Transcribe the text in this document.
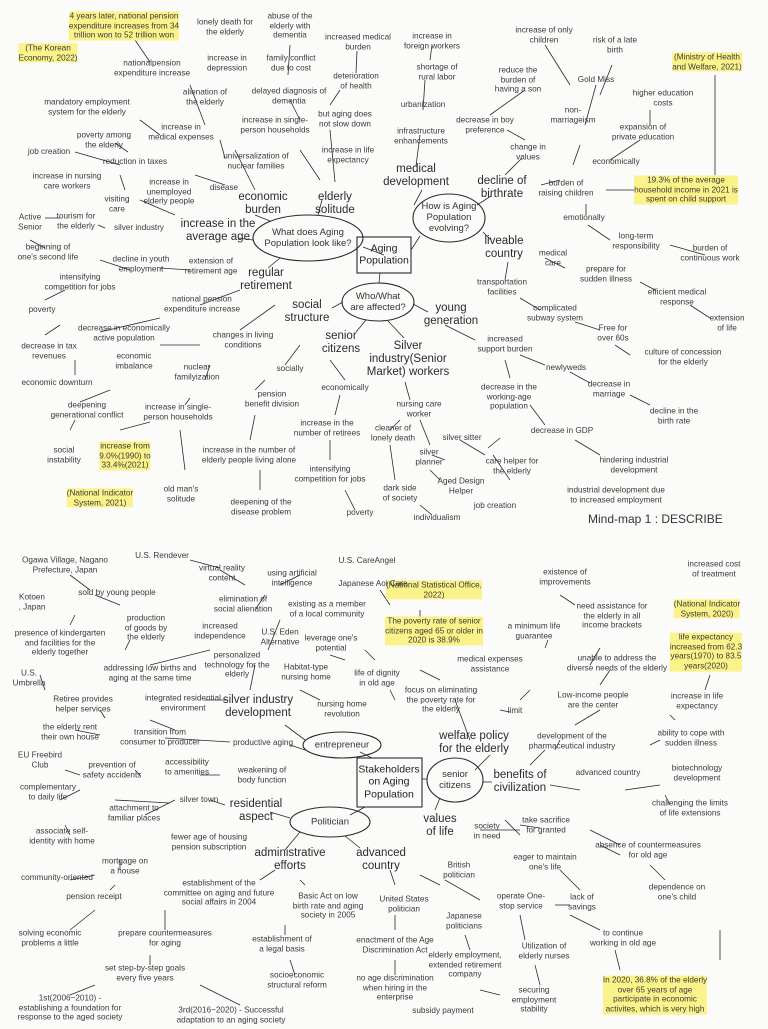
Aging
Population
What does Aging
Population look like?
How is Aging
Population
evolving?
Who/What
are affected?
4 years later, national pension
expenditure increases from 34
trillion won to 52 trillion won
(The Korean
Economy, 2022)	(Ministry of Health
and Welfare, 2021)
19.3% of the average
household income in 2021 is
spent on child support
increase from
9.0%(1990) to
33.4%(2021)
(National Indicator
System, 2021)
economic
burden
elderly
solitude
increase in the
average age
regular
retirement
medical
development decline of
birthrate
liveable
country
social
structure
senior
citizens	Silver
industry(Senior
Market) workers
young
generation
lonely death for
the elderly
abuse of the
elderly with
dementia	increased medical
burden
increase in
foreign workers
increase of only
children	risk of a late
birth
nationalpension
expenditure increase
increase in
depression
family conflict
due to cost
deterioration
of health
shortage of
rural labor
reduce the
burden of
having a son
Gold Miss
higher education
costs
mandatory employment
system for the elderly
alienation of
the elderly
delayed diagnosis of
dementia
but aging does
not slow down
urbanization
decrease in boy
preference
non-
marriageism
expansion of
private education
poverty among
the elderly
increase in
medical expenses
increase in single-
person households	infrastructure
enhancements
change in
values
economically
job creation
reduction in taxes
universalization of
nuclear families
increase in life
expectancy
increase in nursing
care workers	increase in
unemployed
elderly people
disease
burden of
raising children
visiting
care
Active
Senior
tourism for
the elderly silver industry
emotionally
beginning of
one's second life	decline in youth
employment
extension of
retirement age
medical
care
long-term
responsibility	burden of
continuous work
intensifying
competition for jobs
transportation
facilities
prepare for
sudden illness
efficient medical
response
poverty
national pension
expenditure increase	complicated
subway system	extension
of life
decrease in economically
active population	changes in living
conditions
Free for
over 60s
culture of concession
for the elderly
decrease in tax
revenues	economic
imbalance	socially
increased
support burden
nuclear
familyization
newlyweds
economic downturn
pension
benefit division
economically	decrease in the
working-age
population
decrease in
marriage
deepening
generational conflict
increase in single-
person households
nursing care
worker	decline in the
birth rate
increase in the
number of retirees
cleaner of
lonely death	silver sitter
decrease in GDP
social
instability
increase in the number of
elderly people living alone
silver
planner	care helper for
the elderly
hindering industrial
development
intensifying
competition for jobs
old man's
solitude
dark side
of society
Aged Design
Helper	industrial development due
to increased employment
deepening of the
disease problem	poverty
individualism
job creation
Mind-map 1 : DESCRIBE
Stakeholders
on Aging
Population
entrepreneur
senior
citizens
Politician
(National Statistical Office,
2022)
The poverty rate of senior
citizens aged 65 or older in
2020 is 38.9%
(National Indicator
System, 2020)
life expectancy
increased from 62.3
years(1970) to 83.5
years(2020)
In 2020, 36.8% of the elderly
over 65 years of age
participate in economic
activites, which is very high
silver industry
development
welfare policy
for the elderly
benefits of
civilization
residential
aspect	values
of life
administrative
efforts
advanced
country
Ogawa Village, Nagano
Prefecture, Japan
U.S. Rendever
virtual reality
content
using artificial
intelligence
U.S. CareAngel
existence of
improvements
increased cost
of treatment
sold by young people
elimination of
social alienation
Japanese Aoi Care
Kotoen
, Japan
production
of goods by
the elderly
existing as a member
of a local community
increased
independence U.S. Eden
Alternative leverage one's
potential
a minimum life
guarantee
need assistance for
the elderly in all
income brackets
presence of kindergarten
and facilities for the
elderly together	personalized
technology for the
elderly
Habitat-type
nursing home	life of dignity
in old age
medical expenses
assistance
unable to address the
diverse needs of the elderly
addressing low births and
aging at the same time
U.S.
Umbrella
Retiree provides
helper services
integrated residential
environment	nursing home
revolution
focus on eliminating
the poverty rate for
the elderly	limit
Low-income people
are the center
increase in life
expectancy
the elderly rent
their own house
transition from
consumer to producer	productive aging
development of the
pharmaceutical industry
ability to cope with
sudden illness
EU Freebird
Club	prevention of
safety accidents
accessibility
to amenities	weakening of
body function
advanced country
biotechnology
development
complementary
to daily life
attachment to
familiar places
silver town	challenging the limits
of life extensions
associate self-
identity with home	fewer age of housing
pension subscription
society
in need
take sacrifice
for granted
absence of countermeasures
for old age
mortgage on
a house
eager to maintain
one's life
community-oriented
establishment of the
committee on aging and future
social affairs in 2004
British
politician
dependence on
one's child
pension receipt	Basic Act on low
birth rate and aging
society in 2005
United States
politician
operate One-
stop service
lack of
savings
solving economic
problems a little
prepare countermeasures
for aging	establishment of
a legal basis
enactment of the Age
Discrimination Act
Japanese
politicians
Utilization of
elderly nurses
to continue
working in old age
set step-by-step goals
every five years	socioeconomic
structural reform
no age discrimination
when hiring in the
enterprise
elderly employment,
extended retirement
company
securing
employment
stability
1st(2006~2010) -
establishing a foundation for
response to the aged society
3rd(2016~2020) - Successful
adaptation to an aging society
subsidy payment
